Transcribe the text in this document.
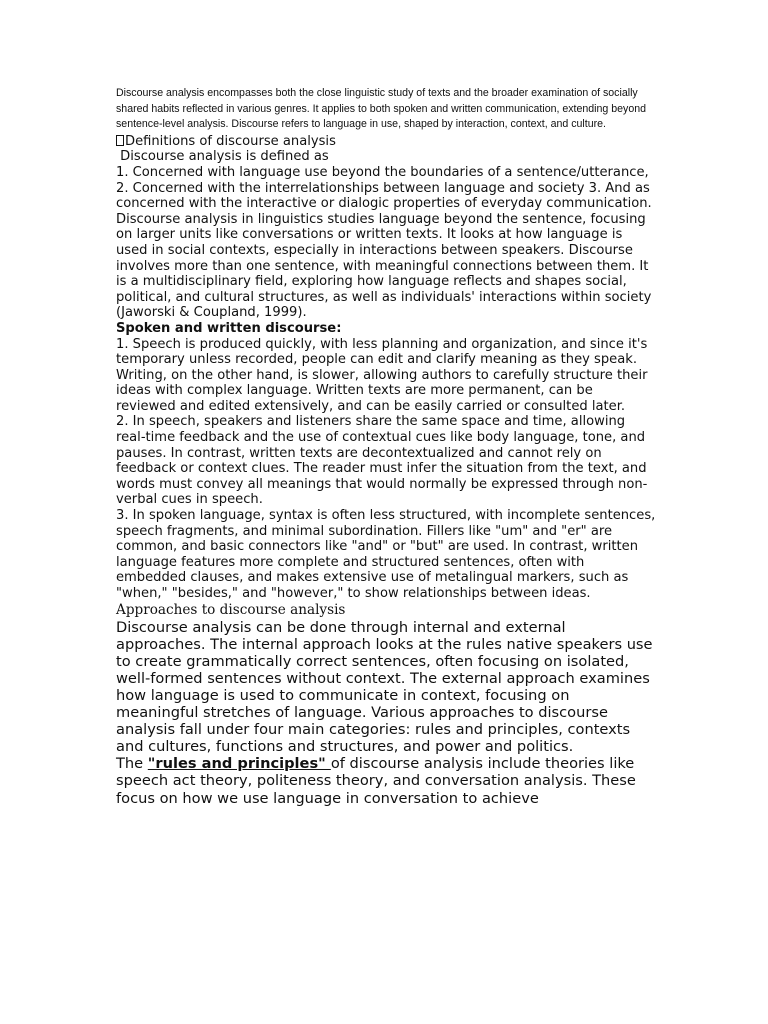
Discourse analysis encompasses both the close linguistic study of texts and the broader examination of socially shared habits reflected in various genres. It applies to both spoken and written communication, extending beyond sentence-level analysis. Discourse refers to language in use, shaped by interaction, context, and culture.

Definitions of discourse analysis

Discourse analysis is defined as

1. Concerned with language use beyond the boundaries of a sentence/utterance,

2. Concerned with the interrelationships between language and society 3. And as concerned with the interactive or dialogic properties of everyday communication.

Discourse analysis in linguistics studies language beyond the sentence, focusing on larger units like conversations or written texts. It looks at how language is used in social contexts, especially in interactions between speakers. Discourse involves more than one sentence, with meaningful connections between them. It is a multidisciplinary field, exploring how language reflects and shapes social, political, and cultural structures, as well as individuals' interactions within society (Jaworski & Coupland, 1999).

Spoken and written discourse:

1. Speech is produced quickly, with less planning and organization, and since it's temporary unless recorded, people can edit and clarify meaning as they speak. Writing, on the other hand, is slower, allowing authors to carefully structure their ideas with complex language. Written texts are more permanent, can be reviewed and edited extensively, and can be easily carried or consulted later.

2. In speech, speakers and listeners share the same space and time, allowing real-time feedback and the use of contextual cues like body language, tone, and pauses. In contrast, written texts are decontextualized and cannot rely on feedback or context clues. The reader must infer the situation from the text, and words must convey all meanings that would normally be expressed through non-verbal cues in speech.

3. In spoken language, syntax is often less structured, with incomplete sentences, speech fragments, and minimal subordination. Fillers like "um" and "er" are common, and basic connectors like "and" or "but" are used. In contrast, written language features more complete and structured sentences, often with embedded clauses, and makes extensive use of metalingual markers, such as "when," "besides," and "however," to show relationships between ideas.

Approaches to discourse analysis

Discourse analysis can be done through internal and external approaches. The internal approach looks at the rules native speakers use to create grammatically correct sentences, often focusing on isolated, well-formed sentences without context. The external approach examines how language is used to communicate in context, focusing on meaningful stretches of language. Various approaches to discourse analysis fall under four main categories: rules and principles, contexts and cultures, functions and structures, and power and politics.

The "rules and principles" of discourse analysis include theories like speech act theory, politeness theory, and conversation analysis. These focus on how we use language in conversation to achieve
